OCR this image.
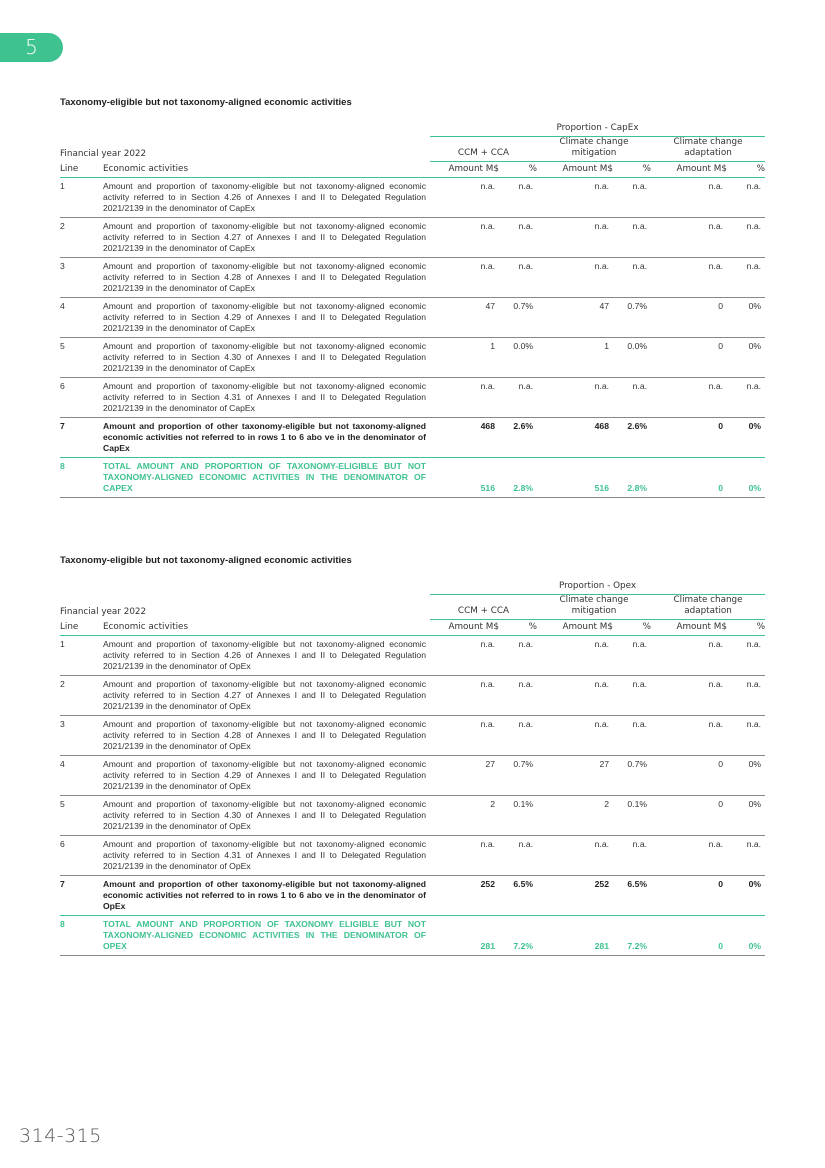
5
Taxonomy-eligible but not taxonomy-aligned economic activities
		Proportion - CapEx					
Financial year 2022		CCM + CCA		Climate change
mitigation		Climate change
adaptation	
Line	Economic activities	Amount M$	%	Amount M$	%	Amount M$	%
1	Amount and proportion of taxonomy-eligible but not taxonomy-aligned economic activity referred to in Section 4.26 of Annexes I and II to Delegated Regulation 2021/2139 in the denominator of CapEx	n.a.	n.a.	n.a.	n.a.	n.a.	n.a.
2	Amount and proportion of taxonomy-eligible but not taxonomy-aligned economic activity referred to in Section 4.27 of Annexes I and II to Delegated Regulation 2021/2139 in the denominator of CapEx	n.a.	n.a.	n.a.	n.a.	n.a.	n.a.
3	Amount and proportion of taxonomy-eligible but not taxonomy-aligned economic activity referred to in Section 4.28 of Annexes I and II to Delegated Regulation 2021/2139 in the denominator of CapEx	n.a.	n.a.	n.a.	n.a.	n.a.	n.a.
4	Amount and proportion of taxonomy-eligible but not taxonomy-aligned economic activity referred to in Section 4.29 of Annexes I and II to Delegated Regulation 2021/2139 in the denominator of CapEx	47	0.7%	47	0.7%	0	0%
5	Amount and proportion of taxonomy-eligible but not taxonomy-aligned economic activity referred to in Section 4.30 of Annexes I and II to Delegated Regulation 2021/2139 in the denominator of CapEx	1	0.0%	1	0.0%	0	0%
6	Amount and proportion of taxonomy-eligible but not taxonomy-aligned economic activity referred to in Section 4.31 of Annexes I and II to Delegated Regulation 2021/2139 in the denominator of CapEx	n.a.	n.a.	n.a.	n.a.	n.a.	n.a.
7	Amount and proportion of other taxonomy-eligible but not taxonomy-aligned economic activities not referred to in rows 1 to 6 abo ve in the denominator of CapEx	468	2.6%	468	2.6%	0	0%
8	TOTAL AMOUNT AND PROPORTION OF TAXONOMY-ELIGIBLE BUT NOT TAXONOMY-ALIGNED ECONOMIC ACTIVITIES IN THE DENOMINATOR OF CAPEX	516	2.8%	516	2.8%	0	0%
Taxonomy-eligible but not taxonomy-aligned economic activities
		Proportion - Opex					
Financial year 2022		CCM + CCA		Climate change
mitigation		Climate change
adaptation	
Line	Economic activities	Amount M$	%	Amount M$	%	Amount M$	%
1	Amount and proportion of taxonomy-eligible but not taxonomy-aligned economic activity referred to in Section 4.26 of Annexes I and II to Delegated Regulation 2021/2139 in the denominator of OpEx	n.a.	n.a.	n.a.	n.a.	n.a.	n.a.
2	Amount and proportion of taxonomy-eligible but not taxonomy-aligned economic activity referred to in Section 4.27 of Annexes I and II to Delegated Regulation 2021/2139 in the denominator of OpEx	n.a.	n.a.	n.a.	n.a.	n.a.	n.a.
3	Amount and proportion of taxonomy-eligible but not taxonomy-aligned economic activity referred to in Section 4.28 of Annexes I and II to Delegated Regulation 2021/2139 in the denominator of OpEx	n.a.	n.a.	n.a.	n.a.	n.a.	n.a.
4	Amount and proportion of taxonomy-eligible but not taxonomy-aligned economic activity referred to in Section 4.29 of Annexes I and II to Delegated Regulation 2021/2139 in the denominator of OpEx	27	0.7%	27	0.7%	0	0%
5	Amount and proportion of taxonomy-eligible but not taxonomy-aligned economic activity referred to in Section 4.30 of Annexes I and II to Delegated Regulation 2021/2139 in the denominator of OpEx	2	0.1%	2	0.1%	0	0%
6	Amount and proportion of taxonomy-eligible but not taxonomy-aligned economic activity referred to in Section 4.31 of Annexes I and II to Delegated Regulation 2021/2139 in the denominator of OpEx	n.a.	n.a.	n.a.	n.a.	n.a.	n.a.
7	Amount and proportion of other taxonomy-eligible but not taxonomy-aligned economic activities not referred to in rows 1 to 6 abo ve in the denominator of OpEx	252	6.5%	252	6.5%	0	0%
8	TOTAL AMOUNT AND PROPORTION OF TAXONOMY ELIGIBLE BUT NOT TAXONOMY-ALIGNED ECONOMIC ACTIVITIES IN THE DENOMINATOR OF OPEX	281	7.2%	281	7.2%	0	0%
314-315
